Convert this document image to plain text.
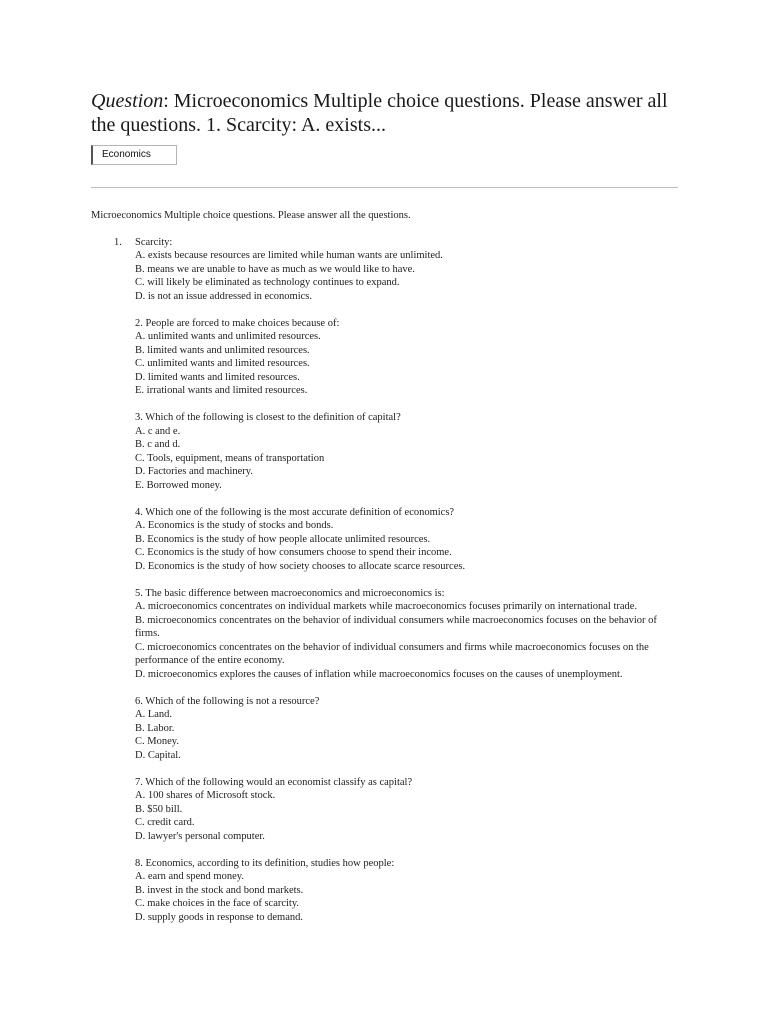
Question: Microeconomics Multiple choice questions. Please answer all the questions. 1. Scarcity: A. exists...
Economics

Microeconomics Multiple choice questions. Please answer all the questions.

1. Scarcity:
A. exists because resources are limited while human wants are unlimited.
B. means we are unable to have as much as we would like to have.
C. will likely be eliminated as technology continues to expand.
D. is not an issue addressed in economics.
2. People are forced to make choices because of:
A. unlimited wants and unlimited resources.
B. limited wants and unlimited resources.
C. unlimited wants and limited resources.
D. limited wants and limited resources.
E. irrational wants and limited resources.
3. Which of the following is closest to the definition of capital?
A. c and e.
B. c and d.
C. Tools, equipment, means of transportation
D. Factories and machinery.
E. Borrowed money.
4. Which one of the following is the most accurate definition of economics?
A. Economics is the study of stocks and bonds.
B. Economics is the study of how people allocate unlimited resources.
C. Economics is the study of how consumers choose to spend their income.
D. Economics is the study of how society chooses to allocate scarce resources.
5. The basic difference between macroeconomics and microeconomics is:
A. microeconomics concentrates on individual markets while macroeconomics focuses primarily on international trade.
B. microeconomics concentrates on the behavior of individual consumers while macroeconomics focuses on the behavior of firms.
C. microeconomics concentrates on the behavior of individual consumers and firms while macroeconomics focuses on the performance of the entire economy.
D. microeconomics explores the causes of inflation while macroeconomics focuses on the causes of unemployment.
6. Which of the following is not a resource?
A. Land.
B. Labor.
C. Money.
D. Capital.
7. Which of the following would an economist classify as capital?
A. 100 shares of Microsoft stock.
B. $50 bill.
C. credit card.
D. lawyer's personal computer.
8. Economics, according to its definition, studies how people:
A. earn and spend money.
B. invest in the stock and bond markets.
C. make choices in the face of scarcity.
D. supply goods in response to demand.
